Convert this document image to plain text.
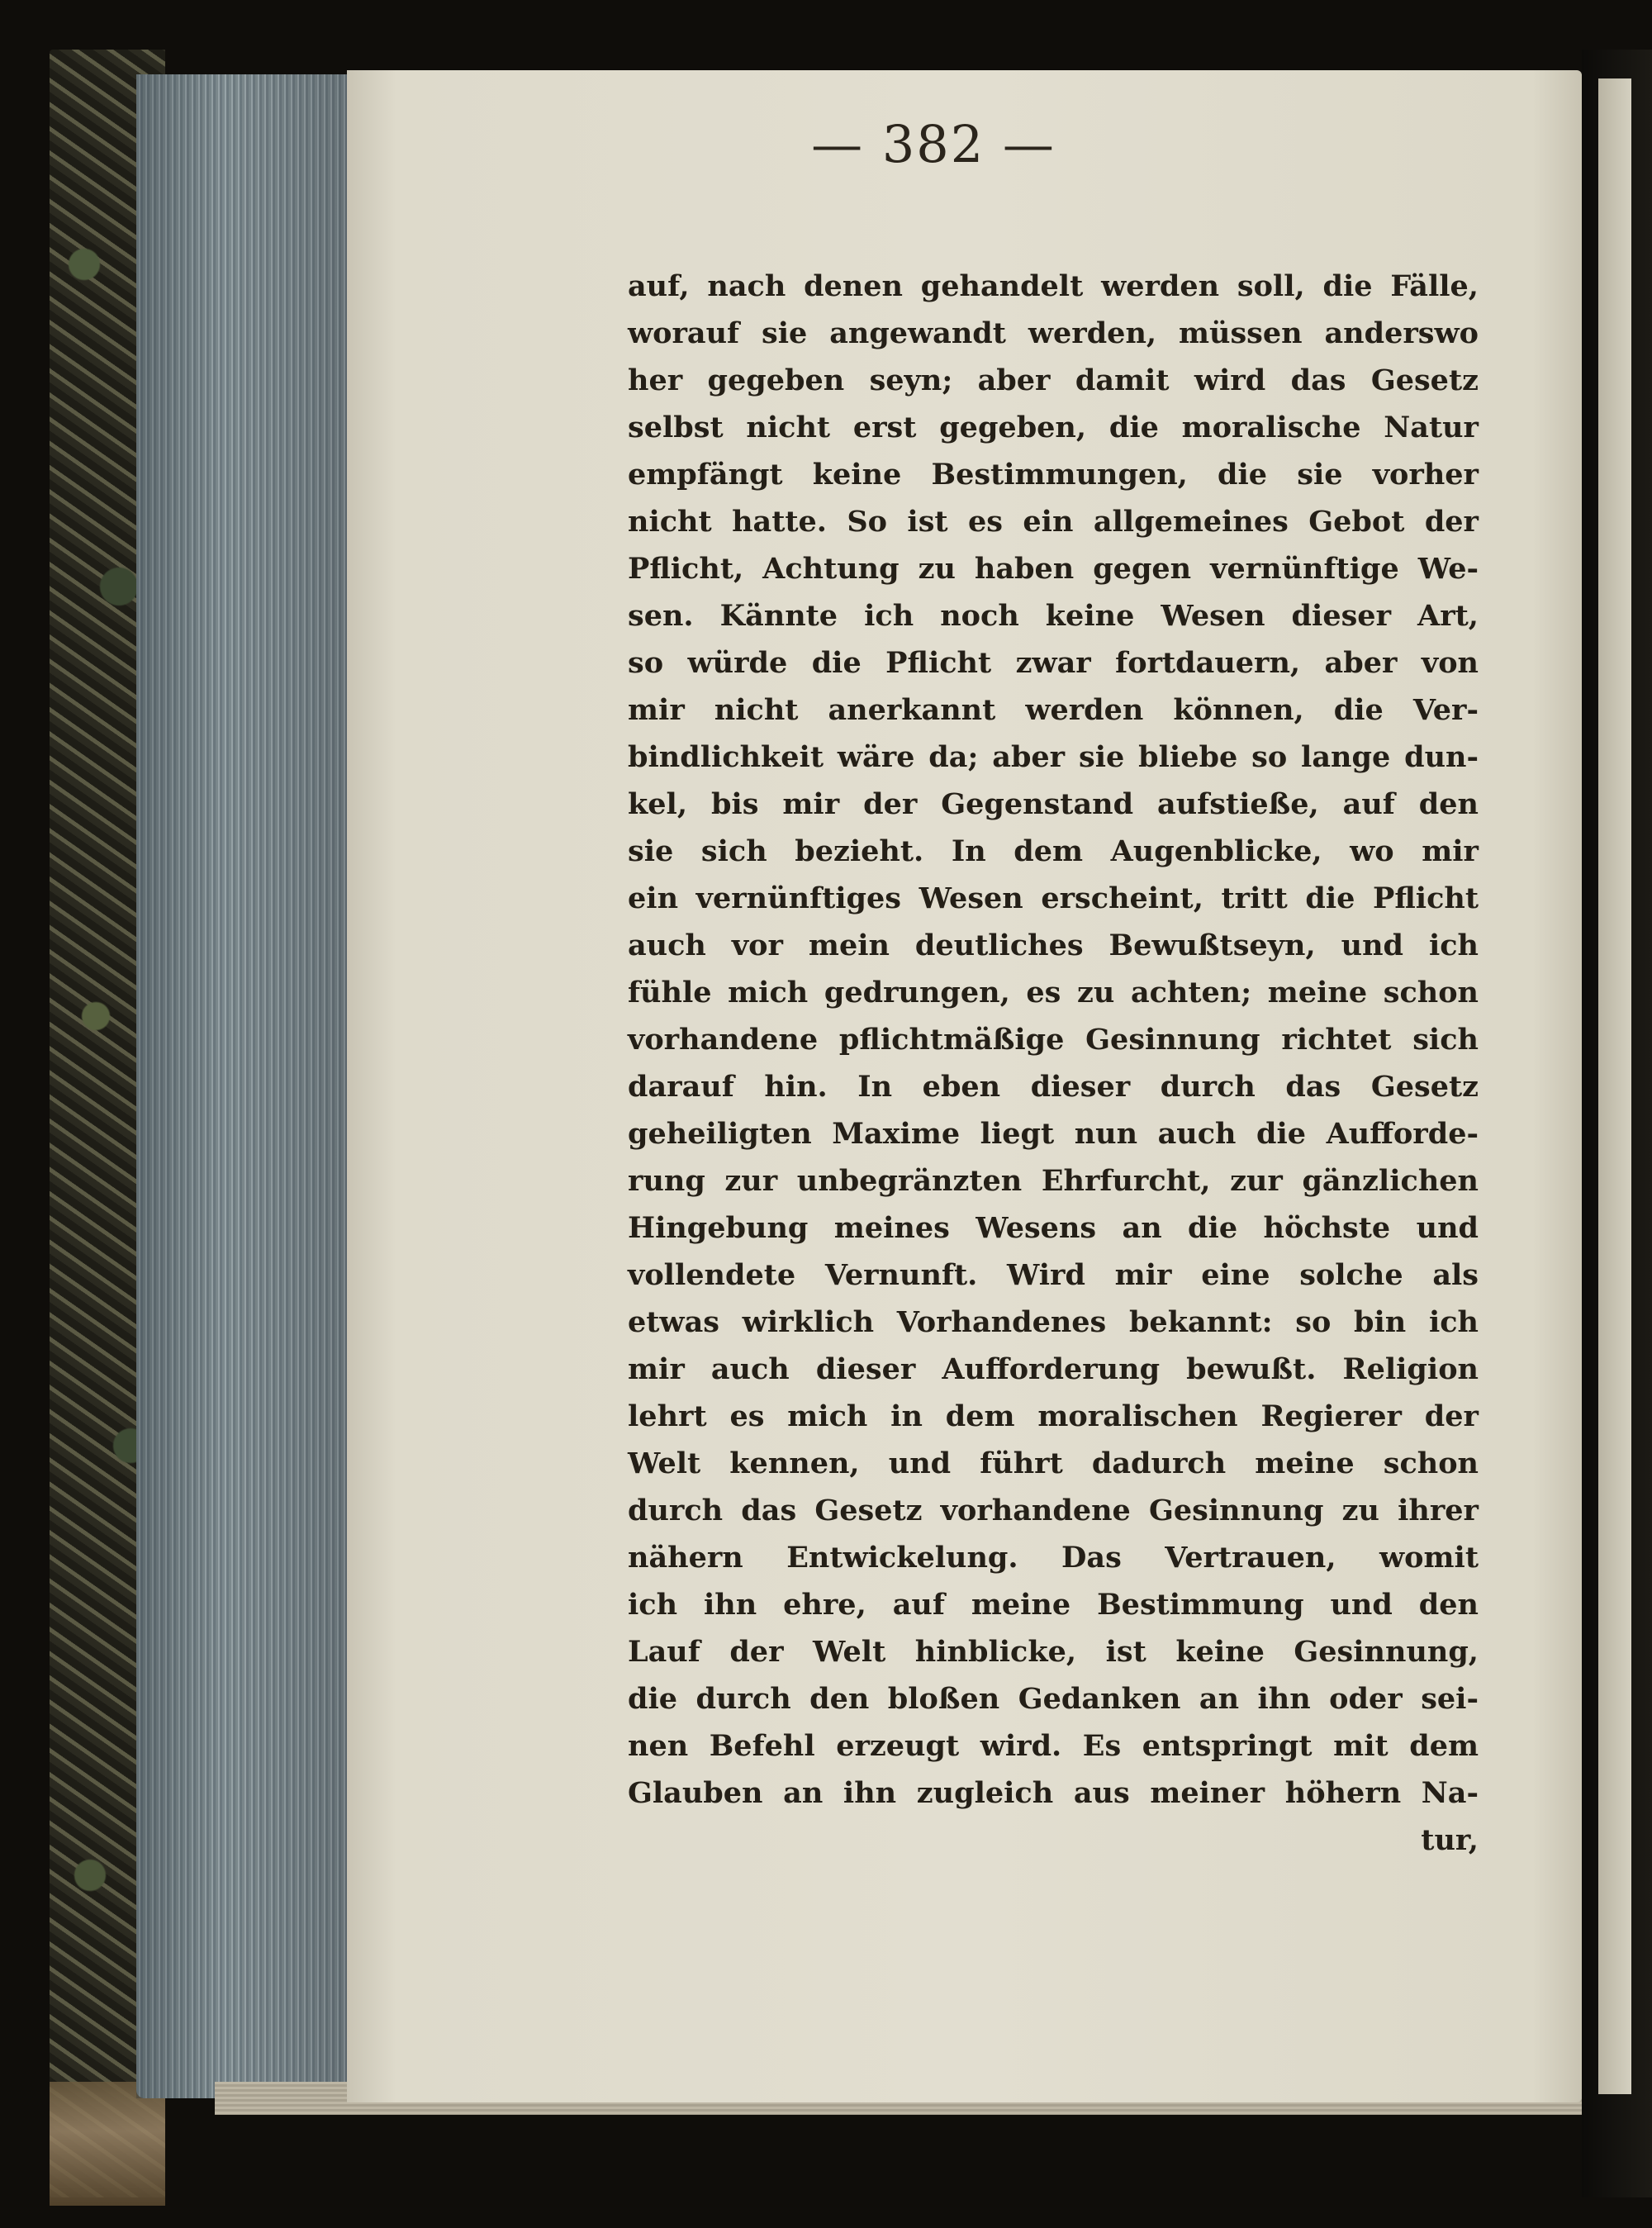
— 382 —
auf, nach denen gehandelt werden soll, die Fälle,
worauf sie angewandt werden, müssen anderswo
her gegeben seyn; aber damit wird das Gesetz
selbst nicht erst gegeben, die moralische Natur
empfängt keine Bestimmungen, die sie vorher
nicht hatte. So ist es ein allgemeines Gebot der
Pflicht, Achtung zu haben gegen vernünftige We-
sen. Kännte ich noch keine Wesen dieser Art,
so würde die Pflicht zwar fortdauern, aber von
mir nicht anerkannt werden können, die Ver-
bindlichkeit wäre da; aber sie bliebe so lange dun-
kel, bis mir der Gegenstand aufstieße, auf den
sie sich bezieht. In dem Augenblicke, wo mir
ein vernünftiges Wesen erscheint, tritt die Pflicht
auch vor mein deutliches Bewußtseyn, und ich
fühle mich gedrungen, es zu achten; meine schon
vorhandene pflichtmäßige Gesinnung richtet sich
darauf hin. In eben dieser durch das Gesetz
geheiligten Maxime liegt nun auch die Aufforde-
rung zur unbegränzten Ehrfurcht, zur gänzlichen
Hingebung meines Wesens an die höchste und
vollendete Vernunft. Wird mir eine solche als
etwas wirklich Vorhandenes bekannt: so bin ich
mir auch dieser Aufforderung bewußt. Religion
lehrt es mich in dem moralischen Regierer der
Welt kennen, und führt dadurch meine schon
durch das Gesetz vorhandene Gesinnung zu ihrer
nähern Entwickelung. Das Vertrauen, womit
ich ihn ehre, auf meine Bestimmung und den
Lauf der Welt hinblicke, ist keine Gesinnung,
die durch den bloßen Gedanken an ihn oder sei-
nen Befehl erzeugt wird. Es entspringt mit dem
Glauben an ihn zugleich aus meiner höhern Na-
tur,
